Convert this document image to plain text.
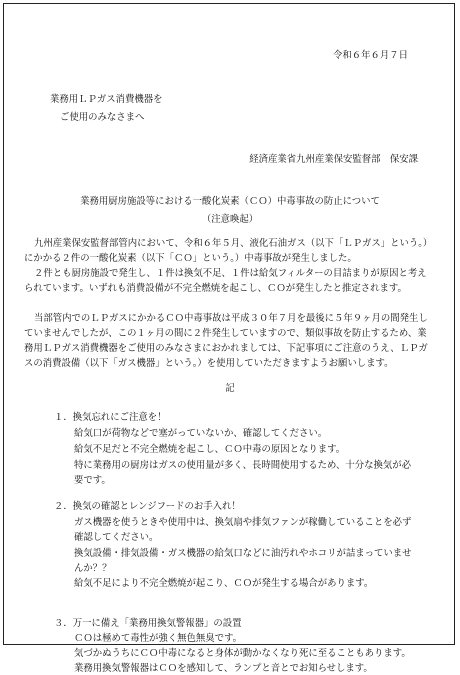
令和６年６月７日
業務用ＬＰガス消費機器を
ご使用のみなさまへ
経済産業省九州産業保安監督部　保安課
業務用厨房施設等における一酸化炭素（ＣＯ）中毒事故の防止について
（注意喚起）
九州産業保安監督部管内において、令和６年５月、液化石油ガス（以下「ＬＰガス」という。）
にかかる２件の一酸化炭素（以下「ＣＯ」という。）中毒事故が発生しました。
２件とも厨房施設で発生し、１件は換気不足、１件は給気フィルターの目詰まりが原因と考え
られています。いずれも消費設備が不完全燃焼を起こし、ＣＯが発生したと推定されます。
当部管内でのＬＰガスにかかるＣＯ中毒事故は平成３０年７月を最後に５年９ヶ月の間発生し
ていませんでしたが、この１ヶ月の間に２件発生していますので、類似事故を防止するため、業
務用ＬＰガス消費機器をご使用のみなさまにおかれましては、下記事項にご注意のうえ、ＬＰガ
スの消費設備（以下「ガス機器」という。）を使用していただきますようお願いします。
記
１．換気忘れにご注意を！
給気口が荷物などで塞がっていないか、確認してください。
給気不足だと不完全燃焼を起こし、ＣＯ中毒の原因となります。
特に業務用の厨房はガスの使用量が多く、長時間使用するため、十分な換気が必
要です。
２．換気の確認とレンジフードのお手入れ！
ガス機器を使うときや使用中は、換気扇や排気ファンが稼働していることを必ず
確認してください。
換気設備・排気設備・ガス機器の給気口などに油汚れやホコリが詰まっていませ
んか？？
給気不足により不完全燃焼が起こり、ＣＯが発生する場合があります。
３．万一に備え「業務用換気警報器」の設置
ＣＯは極めて毒性が強く無色無臭です。
気づかぬうちにＣＯ中毒になると身体が動かなくなり死に至ることもあります。
業務用換気警報器はＣＯを感知して、ランプと音とでお知らせします。
